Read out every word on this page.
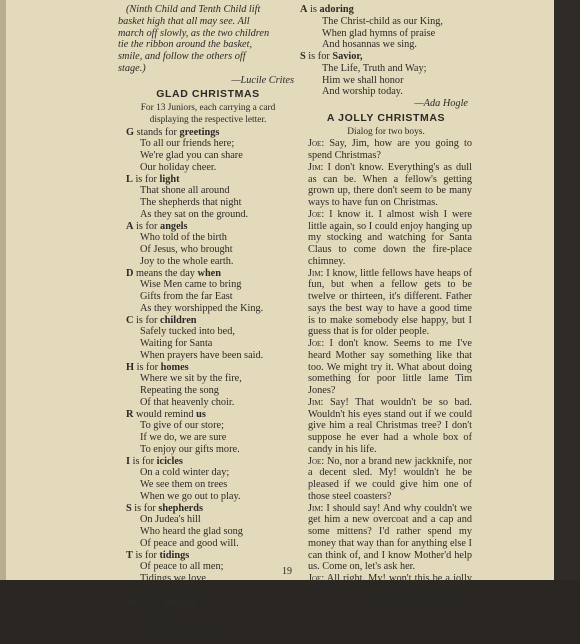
(Ninth Child and Tenth Child lift
basket high that all may see. All
march off slowly, as the two children
tie the ribbon around the basket,
smile, and follow the others off
stage.)
—Lucile Crites
GLAD CHRISTMAS
For 13 Juniors, each carrying a card
displaying the respective letter.
G stands for greetings
To all our friends here;
We're glad you can share
Our holiday cheer.
L is for light
That shone all around
The shepherds that night
As they sat on the ground.
A is for angels
Who told of the birth
Of Jesus, who brought
Joy to the whole earth.
D means the day when
Wise Men came to bring
Gifts from the far East
As they worshipped the King.
C is for children
Safely tucked into bed,
Waiting for Santa
When prayers have been said.
H is for homes
Where we sit by the fire,
Repeating the song
Of that heavenly choir.
R would remind us
To give of our store;
If we do, we are sure
To enjoy our gifts more.
I is for icicles
On a cold winter day;
We see them on trees
When we go out to play.
S is for shepherds
On Judea's hill
Who heard the glad song
Of peace and good will.
T is for tidings
Of peace to all men;
Tidings we love
To hear over again.
M is the manger
In which Jesus lay
When kind shepherds came
Their tribute to pay.
A is adoring
The Christ-child as our King,
When glad hymns of praise
And hosannas we sing.
S is for Savior,
The Life, Truth and Way;
Him we shall honor
And worship today.
—Ada Hogle
A JOLLY CHRISTMAS
Dialog for two boys.
Joe: Say, Jim, how are you going to spend Christmas?
Jim: I don't know. Everything's as dull as can be. When a fellow's getting grown up, there don't seem to be many ways to have fun on Christmas.
Joe: I know it. I almost wish I were little again, so I could enjoy hanging up my stocking and watching for Santa Claus to come down the fire-place chimney.
Jim: I know, little fellows have heaps of fun, but when a fellow gets to be twelve or thirteen, it's different. Father says the best way to have a good time is to make somebody else happy, but I guess that is for older people.
Joe: I don't know. Seems to me I've heard Mother say something like that too. We might try it. What about doing something for poor little lame Tim Jones?
Jim: Say! That wouldn't be so bad. Wouldn't his eyes stand out if we could give him a real Christmas tree? I don't suppose he ever had a whole box of candy in his life.
Joe: No, nor a brand new jackknife, nor a decent sled. My! wouldn't he be pleased if we could give him one of those steel coasters?
Jim: I should say! And why couldn't we get him a new overcoat and a cap and some mittens? I'd rather spend my money that way than for anything else I can think of, and I know Mother'd help us. Come on, let's ask her.
Joe: All right. My! won't this be a jolly Christmas?
—Belle Case Harrington
19
